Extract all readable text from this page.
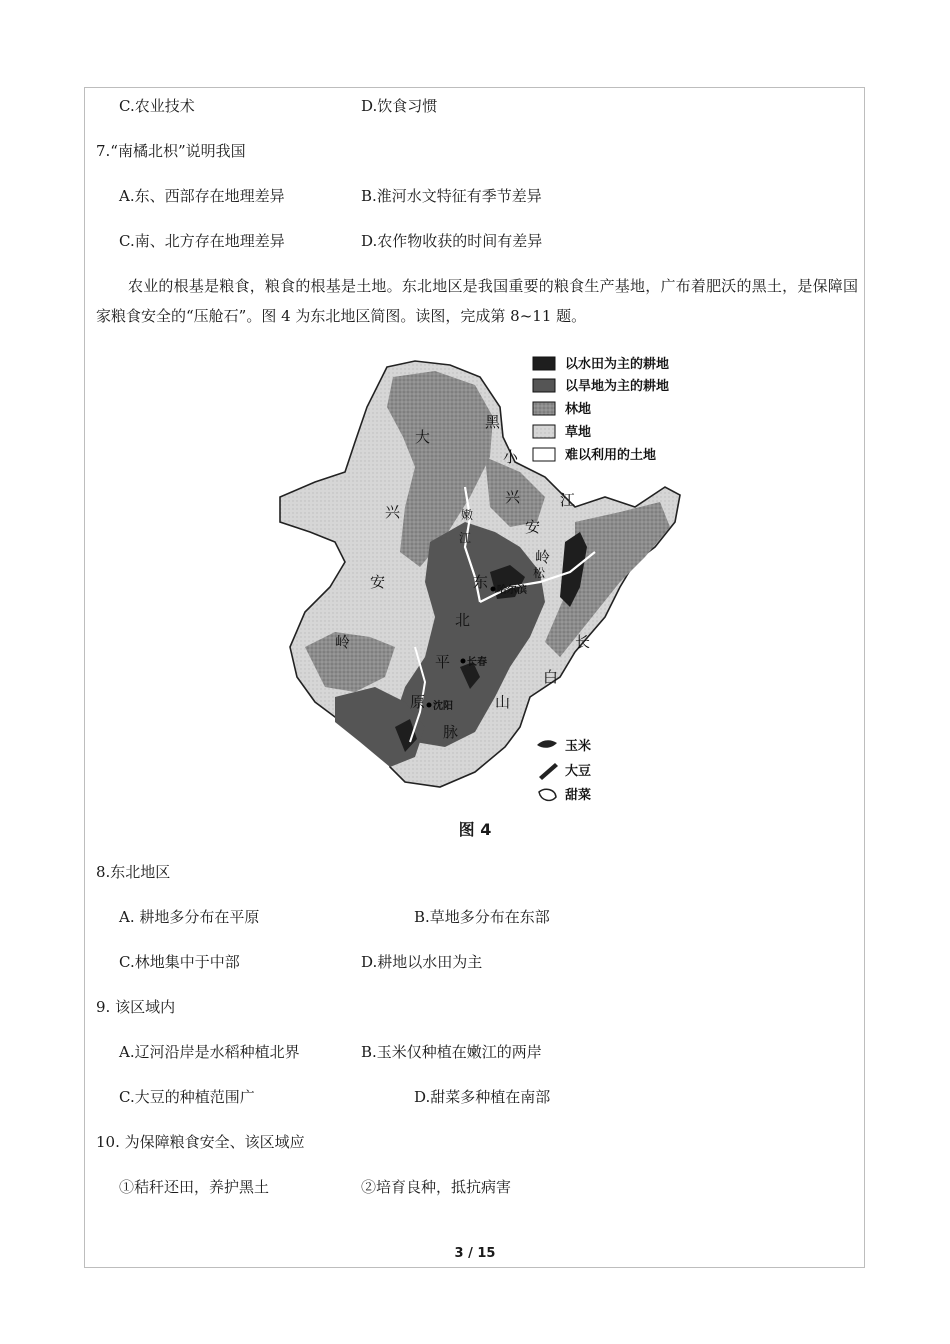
C.农业技术	D.饮食习惯
7.“南橘北枳”说明我国
A.东、西部存在地理差异	B.淮河水文特征有季节差异
C.南、北方存在地理差异	D.农作物收获的时间有差异
农业的根基是粮食，粮食的根基是土地。东北地区是我国重要的粮食生产基地，广布着肥沃的黑土，是保障国家粮食安全的“压舱石”。图 4 为东北地区简图。读图，完成第 8~11 题。
以水田为主的耕地
以旱地为主的耕地
林地
草地
难以利用的土地
大
兴
安
岭
黑
小
兴
安
岭
江
东
北
平
原
长
白
山
脉
嫩
江
松
哈尔滨
长春
沈阳
玉米
大豆
甜菜
图 4
8.东北地区
A. 耕地多分布在平原	B.草地多分布在东部
C.林地集中于中部	D.耕地以水田为主
9. 该区域内
A.辽河沿岸是水稻种植北界	B.玉米仅种植在嫩江的两岸
C.大豆的种植范围广	D.甜菜多种植在南部
10. 为保障粮食安全、该区域应
①秸秆还田，养护黑土	②培育良种，抵抗病害
3 / 15
